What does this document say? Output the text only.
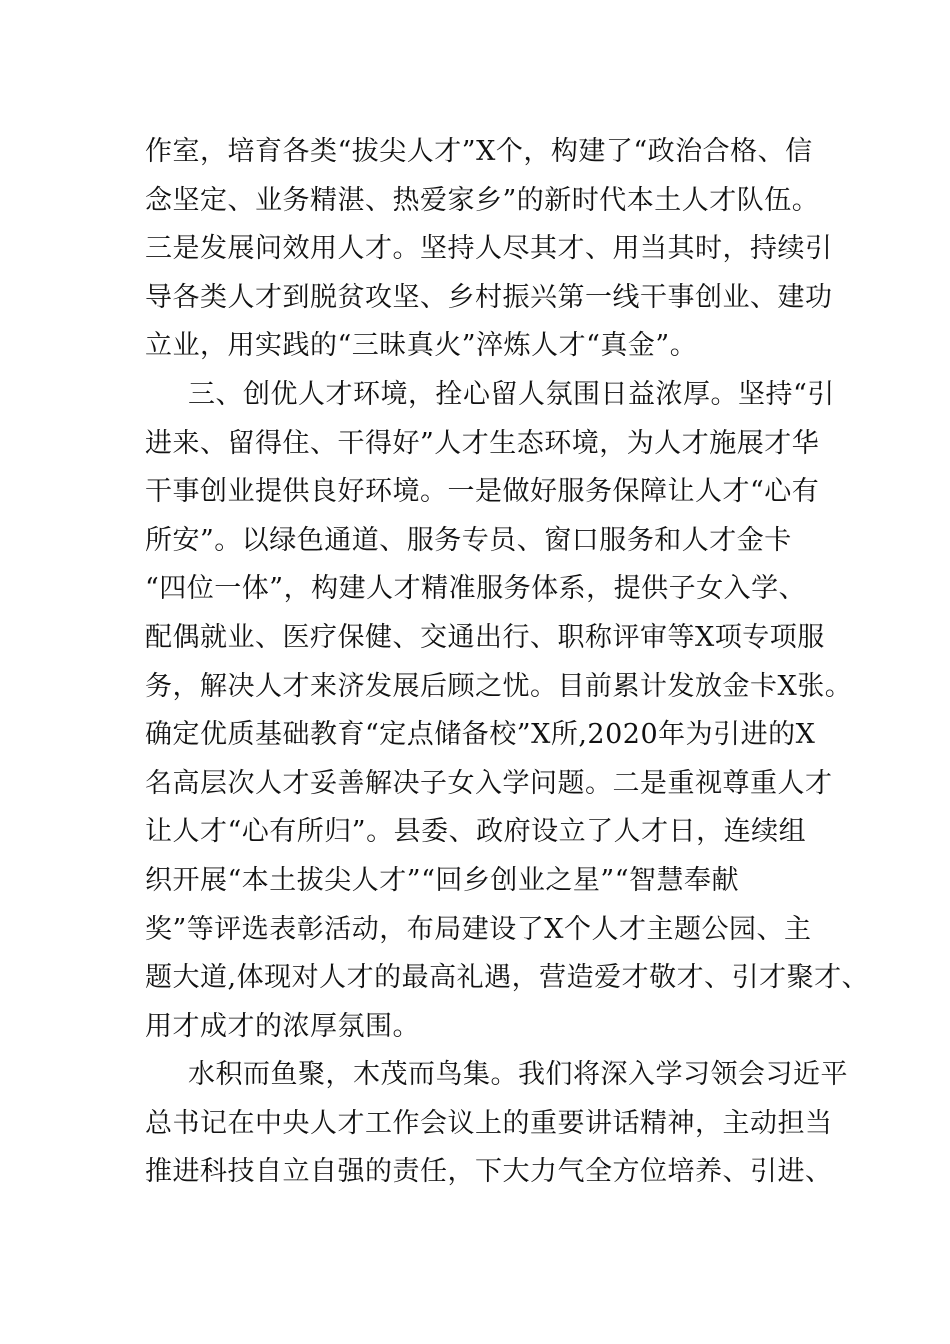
作室，培育各类“拔尖人才”X个，构建了“政治合格、信
念坚定、业务精湛、热爱家乡”的新时代本土人才队伍。
三是发展问效用人才。坚持人尽其才、用当其时，持续引
导各类人才到脱贫攻坚、乡村振兴第一线干事创业、建功
立业，用实践的“三昧真火”淬炼人才“真金”。
三、创优人才环境，拴心留人氛围日益浓厚。坚持“引
进来、留得住、干得好”人才生态环境，为人才施展才华
干事创业提供良好环境。一是做好服务保障让人才“心有
所安”。以绿色通道、服务专员、窗口服务和人才金卡
“四位一体”，构建人才精准服务体系，提供子女入学、
配偶就业、医疗保健、交通出行、职称评审等X项专项服
务，解决人才来济发展后顾之忧。目前累计发放金卡X张。
确定优质基础教育“定点储备校”X所,2020年为引进的X
名高层次人才妥善解决子女入学问题。二是重视尊重人才
让人才“心有所归”。县委、政府设立了人才日，连续组
织开展“本土拔尖人才”“回乡创业之星”“智慧奉献
奖”等评选表彰活动，布局建设了X个人才主题公园、主
题大道,体现对人才的最高礼遇，营造爱才敬才、引才聚才、
用才成才的浓厚氛围。
水积而鱼聚，木茂而鸟集。我们将深入学习领会习近平
总书记在中央人才工作会议上的重要讲话精神，主动担当
推进科技自立自强的责任，下大力气全方位培养、引进、
